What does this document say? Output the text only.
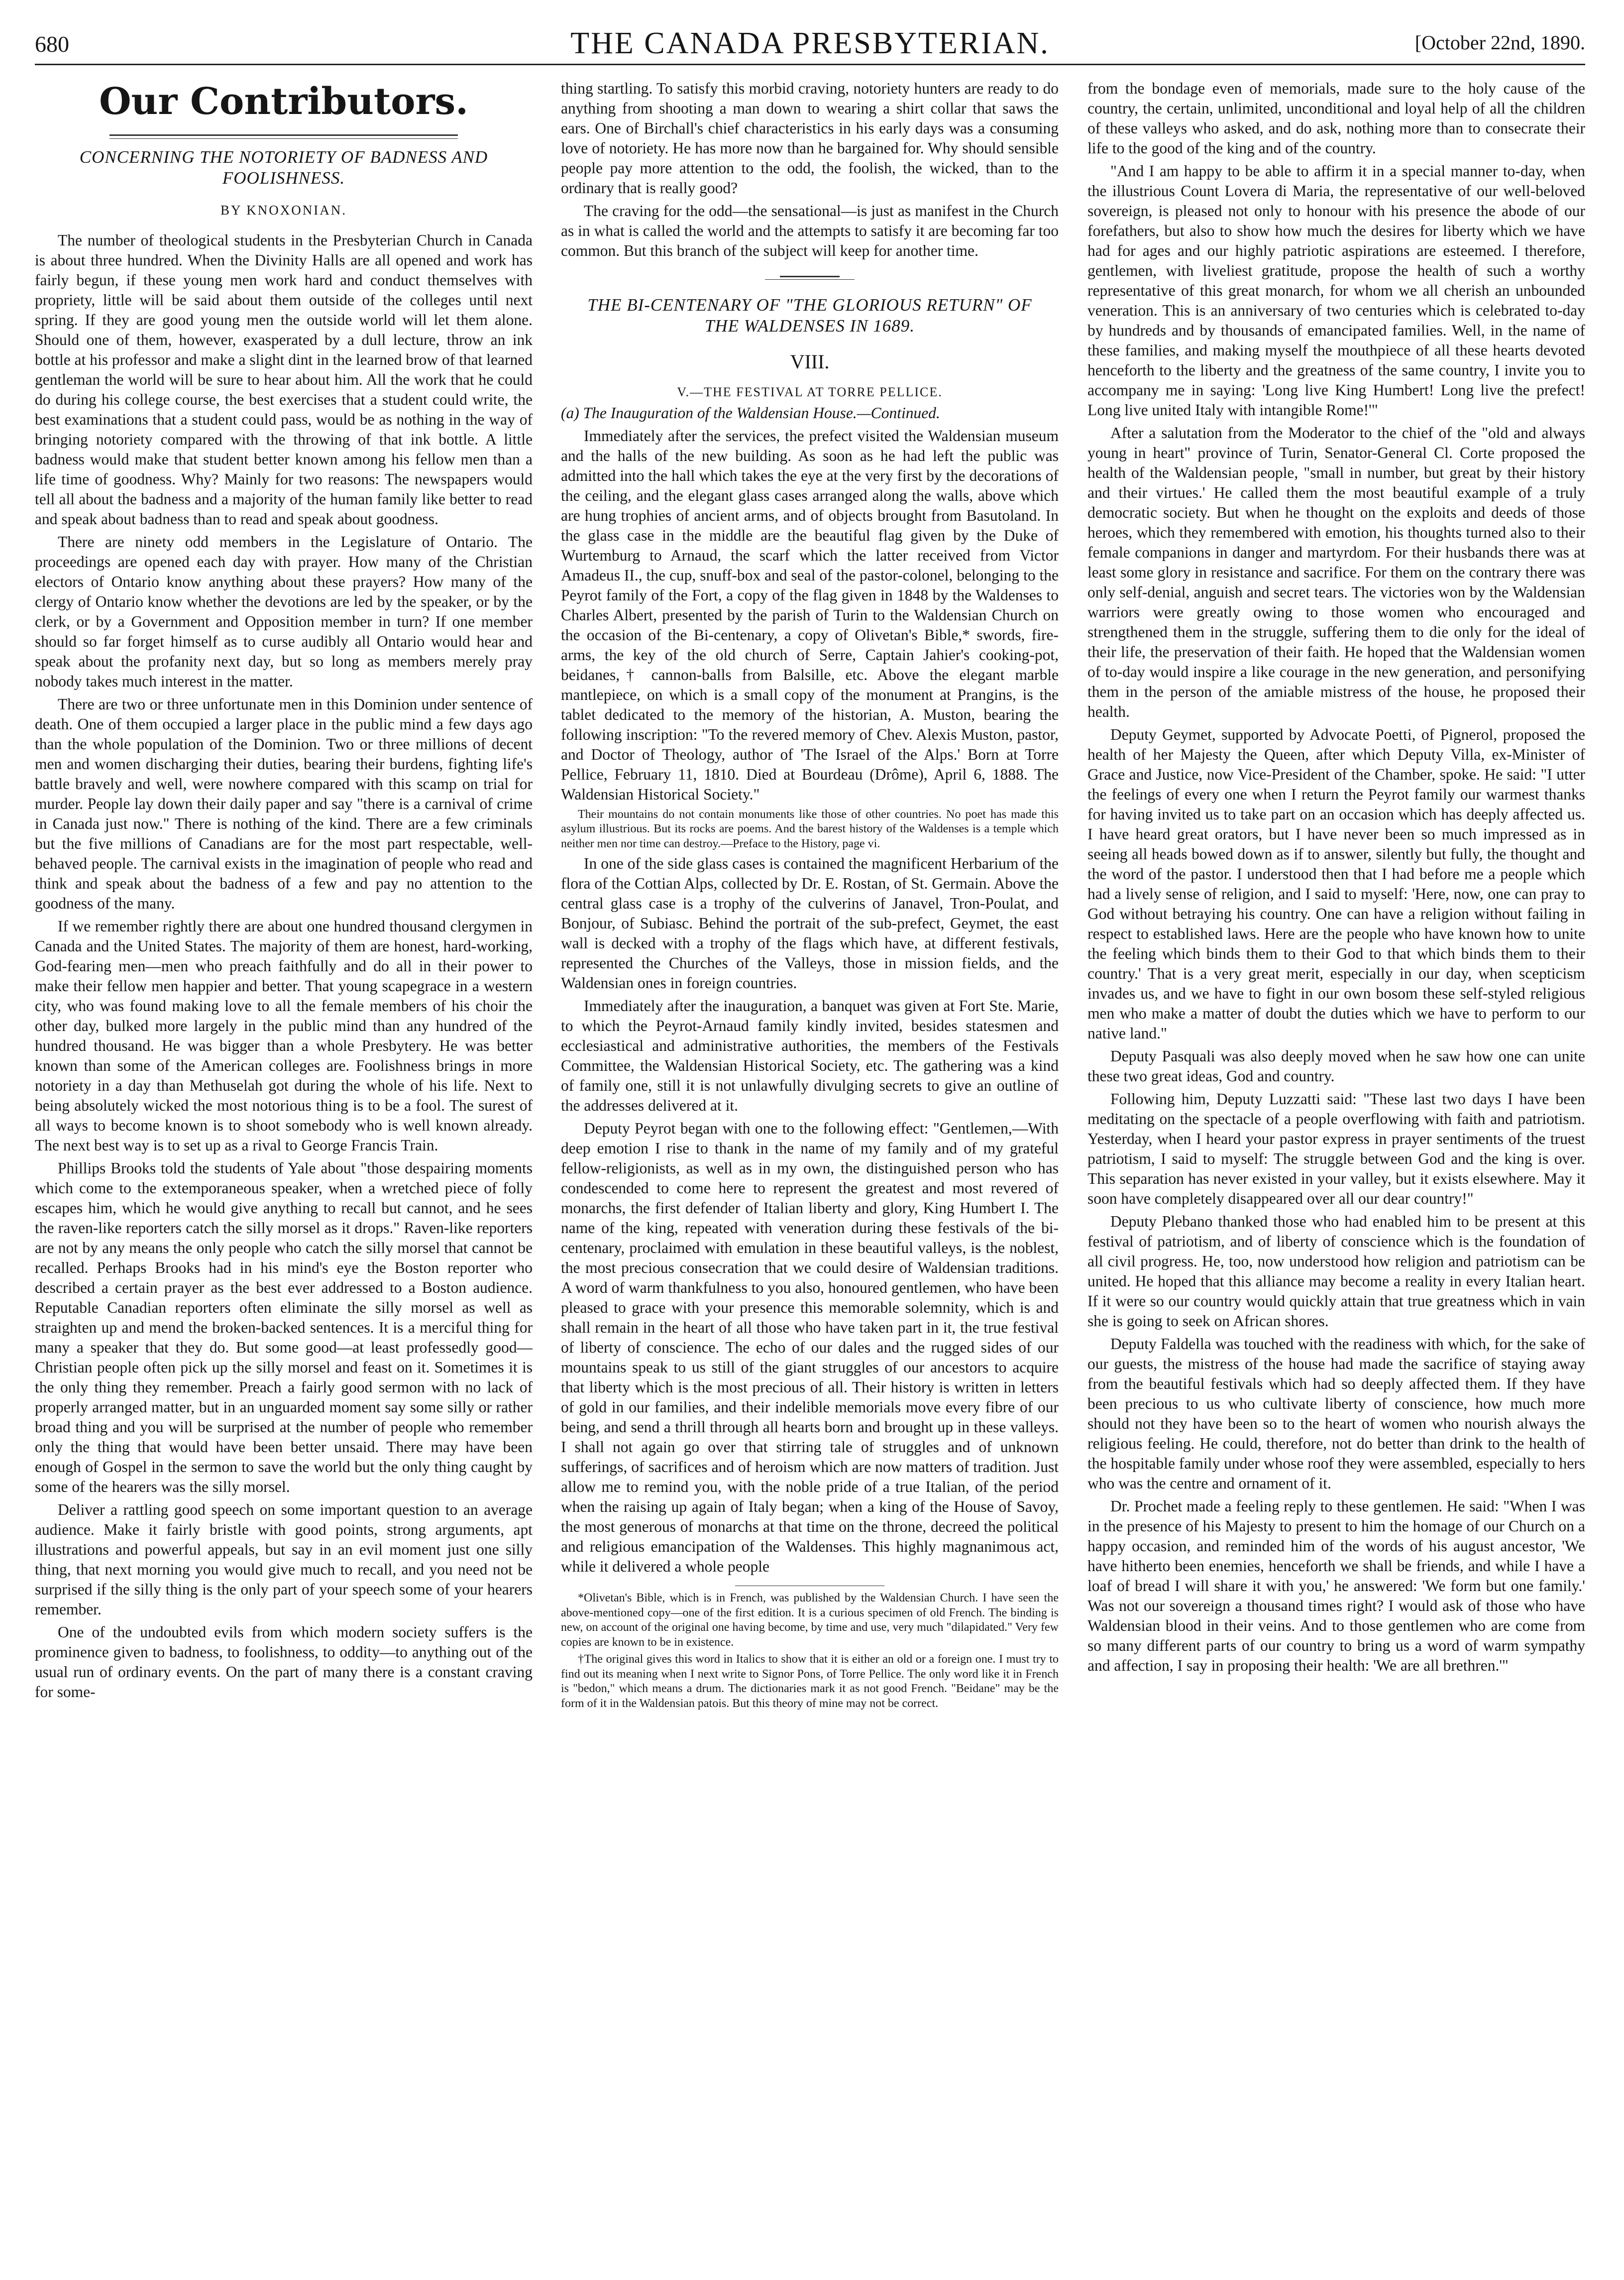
680	THE CANADA PRESBYTERIAN.	[October 22nd, 1890.
Our Contributors.
CONCERNING THE NOTORIETY OF BADNESS AND FOOLISHNESS.
BY KNOXONIAN.

The number of theological students in the Presbyterian Church in Canada is about three hundred. When the Divinity Halls are all opened and work has fairly begun, if these young men work hard and conduct themselves with propriety, little will be said about them outside of the colleges until next spring. If they are good young men the outside world will let them alone. Should one of them, however, exasperated by a dull lecture, throw an ink bottle at his professor and make a slight dint in the learned brow of that learned gentleman the world will be sure to hear about him. All the work that he could do during his college course, the best exercises that a student could write, the best examinations that a student could pass, would be as nothing in the way of bringing notoriety compared with the throwing of that ink bottle. A little badness would make that student better known among his fellow men than a life time of goodness. Why? Mainly for two reasons: The newspapers would tell all about the badness and a majority of the human family like better to read and speak about badness than to read and speak about goodness.

There are ninety odd members in the Legislature of Ontario. The proceedings are opened each day with prayer. How many of the Christian electors of Ontario know anything about these prayers? How many of the clergy of Ontario know whether the devotions are led by the speaker, or by the clerk, or by a Government and Opposition member in turn? If one member should so far forget himself as to curse audibly all Ontario would hear and speak about the profanity next day, but so long as members merely pray nobody takes much interest in the matter.

There are two or three unfortunate men in this Dominion under sentence of death. One of them occupied a larger place in the public mind a few days ago than the whole population of the Dominion. Two or three millions of decent men and women discharging their duties, bearing their burdens, fighting life's battle bravely and well, were nowhere compared with this scamp on trial for murder. People lay down their daily paper and say "there is a carnival of crime in Canada just now." There is nothing of the kind. There are a few criminals but the five millions of Canadians are for the most part respectable, well-behaved people. The carnival exists in the imagination of people who read and think and speak about the badness of a few and pay no attention to the goodness of the many.

If we remember rightly there are about one hundred thousand clergymen in Canada and the United States. The majority of them are honest, hard-working, God-fearing men—men who preach faithfully and do all in their power to make their fellow men happier and better. That young scapegrace in a western city, who was found making love to all the female members of his choir the other day, bulked more largely in the public mind than any hundred of the hundred thousand. He was bigger than a whole Presbytery. He was better known than some of the American colleges are. Foolishness brings in more notoriety in a day than Methuselah got during the whole of his life. Next to being absolutely wicked the most notorious thing is to be a fool. The surest of all ways to become known is to shoot somebody who is well known already. The next best way is to set up as a rival to George Francis Train.

Phillips Brooks told the students of Yale about "those despairing moments which come to the extemporaneous speaker, when a wretched piece of folly escapes him, which he would give anything to recall but cannot, and he sees the raven-like reporters catch the silly morsel as it drops." Raven-like reporters are not by any means the only people who catch the silly morsel that cannot be recalled. Perhaps Brooks had in his mind's eye the Boston reporter who described a certain prayer as the best ever addressed to a Boston audience. Reputable Canadian reporters often eliminate the silly morsel as well as straighten up and mend the broken-backed sentences. It is a merciful thing for many a speaker that they do. But some good—at least professedly good—Christian people often pick up the silly morsel and feast on it. Sometimes it is the only thing they remember. Preach a fairly good sermon with no lack of properly arranged matter, but in an unguarded moment say some silly or rather broad thing and you will be surprised at the number of people who remember only the thing that would have been better unsaid. There may have been enough of Gospel in the sermon to save the world but the only thing caught by some of the hearers was the silly morsel.

Deliver a rattling good speech on some important question to an average audience. Make it fairly bristle with good points, strong arguments, apt illustrations and powerful appeals, but say in an evil moment just one silly thing, that next morning you would give much to recall, and you need not be surprised if the silly thing is the only part of your speech some of your hearers remember.

One of the undoubted evils from which modern society suffers is the prominence given to badness, to foolishness, to oddity—to anything out of the usual run of ordinary events. On the part of many there is a constant craving for some-

thing startling. To satisfy this morbid craving, notoriety hunters are ready to do anything from shooting a man down to wearing a shirt collar that saws the ears. One of Birchall's chief characteristics in his early days was a consuming love of notoriety. He has more now than he bargained for. Why should sensible people pay more attention to the odd, the foolish, the wicked, than to the ordinary that is really good?

The craving for the odd—the sensational—is just as manifest in the Church as in what is called the world and the attempts to satisfy it are becoming far too common. But this branch of the subject will keep for another time.

THE BI-CENTENARY OF "THE GLORIOUS RETURN" OF THE WALDENSES IN 1689.
VIII.
V.—THE FESTIVAL AT TORRE PELLICE.

(a) The Inauguration of the Waldensian House.—Continued.

Immediately after the services, the prefect visited the Waldensian museum and the halls of the new building. As soon as he had left the public was admitted into the hall which takes the eye at the very first by the decorations of the ceiling, and the elegant glass cases arranged along the walls, above which are hung trophies of ancient arms, and of objects brought from Basutoland. In the glass case in the middle are the beautiful flag given by the Duke of Wurtemburg to Arnaud, the scarf which the latter received from Victor Amadeus II., the cup, snuff-box and seal of the pastor-colonel, belonging to the Peyrot family of the Fort, a copy of the flag given in 1848 by the Waldenses to Charles Albert, presented by the parish of Turin to the Waldensian Church on the occasion of the Bi-centenary, a copy of Olivetan's Bible,* swords, fire-arms, the key of the old church of Serre, Captain Jahier's cooking-pot, beidanes,† cannon-balls from Balsille, etc. Above the elegant marble mantlepiece, on which is a small copy of the monument at Prangins, is the tablet dedicated to the memory of the historian, A. Muston, bearing the following inscription: "To the revered memory of Chev. Alexis Muston, pastor, and Doctor of Theology, author of 'The Israel of the Alps.' Born at Torre Pellice, February 11, 1810. Died at Bourdeau (Drôme), April 6, 1888. The Waldensian Historical Society."

Their mountains do not contain monuments like those of other countries. No poet has made this asylum illustrious. But its rocks are poems. And the barest history of the Waldenses is a temple which neither men nor time can destroy.—Preface to the History, page vi.

In one of the side glass cases is contained the magnificent Herbarium of the flora of the Cottian Alps, collected by Dr. E. Rostan, of St. Germain. Above the central glass case is a trophy of the culverins of Janavel, Tron-Poulat, and Bonjour, of Subiasc. Behind the portrait of the sub-prefect, Geymet, the east wall is decked with a trophy of the flags which have, at different festivals, represented the Churches of the Valleys, those in mission fields, and the Waldensian ones in foreign countries.

Immediately after the inauguration, a banquet was given at Fort Ste. Marie, to which the Peyrot-Arnaud family kindly invited, besides statesmen and ecclesiastical and administrative authorities, the members of the Festivals Committee, the Waldensian Historical Society, etc. The gathering was a kind of family one, still it is not unlawfully divulging secrets to give an outline of the addresses delivered at it.

Deputy Peyrot began with one to the following effect: "Gentlemen,—With deep emotion I rise to thank in the name of my family and of my grateful fellow-religionists, as well as in my own, the distinguished person who has condescended to come here to represent the greatest and most revered of monarchs, the first defender of Italian liberty and glory, King Humbert I. The name of the king, repeated with veneration during these festivals of the bi-centenary, proclaimed with emulation in these beautiful valleys, is the noblest, the most precious consecration that we could desire of Waldensian traditions. A word of warm thankfulness to you also, honoured gentlemen, who have been pleased to grace with your presence this memorable solemnity, which is and shall remain in the heart of all those who have taken part in it, the true festival of liberty of conscience. The echo of our dales and the rugged sides of our mountains speak to us still of the giant struggles of our ancestors to acquire that liberty which is the most precious of all. Their history is written in letters of gold in our families, and their indelible memorials move every fibre of our being, and send a thrill through all hearts born and brought up in these valleys. I shall not again go over that stirring tale of struggles and of unknown sufferings, of sacrifices and of heroism which are now matters of tradition. Just allow me to remind you, with the noble pride of a true Italian, of the period when the raising up again of Italy began; when a king of the House of Savoy, the most generous of monarchs at that time on the throne, decreed the political and religious emancipation of the Waldenses. This highly magnanimous act, while it delivered a whole people

*Olivetan's Bible, which is in French, was published by the Waldensian Church. I have seen the above-mentioned copy—one of the first edition. It is a curious specimen of old French. The binding is new, on account of the original one having become, by time and use, very much "dilapidated." Very few copies are known to be in existence.

†The original gives this word in Italics to show that it is either an old or a foreign one. I must try to find out its meaning when I next write to Signor Pons, of Torre Pellice. The only word like it in French is "bedon," which means a drum. The dictionaries mark it as not good French. "Beidane" may be the form of it in the Waldensian patois. But this theory of mine may not be correct.

from the bondage even of memorials, made sure to the holy cause of the country, the certain, unlimited, unconditional and loyal help of all the children of these valleys who asked, and do ask, nothing more than to consecrate their life to the good of the king and of the country.

"And I am happy to be able to affirm it in a special manner to-day, when the illustrious Count Lovera di Maria, the representative of our well-beloved sovereign, is pleased not only to honour with his presence the abode of our forefathers, but also to show how much the desires for liberty which we have had for ages and our highly patriotic aspirations are esteemed. I therefore, gentlemen, with liveliest gratitude, propose the health of such a worthy representative of this great monarch, for whom we all cherish an unbounded veneration. This is an anniversary of two centuries which is celebrated to-day by hundreds and by thousands of emancipated families. Well, in the name of these families, and making myself the mouthpiece of all these hearts devoted henceforth to the liberty and the greatness of the same country, I invite you to accompany me in saying: 'Long live King Humbert! Long live the prefect! Long live united Italy with intangible Rome!'"

After a salutation from the Moderator to the chief of the "old and always young in heart" province of Turin, Senator-General Cl. Corte proposed the health of the Waldensian people, "small in number, but great by their history and their virtues.' He called them the most beautiful example of a truly democratic society. But when he thought on the exploits and deeds of those heroes, which they remembered with emotion, his thoughts turned also to their female companions in danger and martyrdom. For their husbands there was at least some glory in resistance and sacrifice. For them on the contrary there was only self-denial, anguish and secret tears. The victories won by the Waldensian warriors were greatly owing to those women who encouraged and strengthened them in the struggle, suffering them to die only for the ideal of their life, the preservation of their faith. He hoped that the Waldensian women of to-day would inspire a like courage in the new generation, and personifying them in the person of the amiable mistress of the house, he proposed their health.

Deputy Geymet, supported by Advocate Poetti, of Pignerol, proposed the health of her Majesty the Queen, after which Deputy Villa, ex-Minister of Grace and Justice, now Vice-President of the Chamber, spoke. He said: "I utter the feelings of every one when I return the Peyrot family our warmest thanks for having invited us to take part on an occasion which has deeply affected us. I have heard great orators, but I have never been so much impressed as in seeing all heads bowed down as if to answer, silently but fully, the thought and the word of the pastor. I understood then that I had before me a people which had a lively sense of religion, and I said to myself: 'Here, now, one can pray to God without betraying his country. One can have a religion without failing in respect to established laws. Here are the people who have known how to unite the feeling which binds them to their God to that which binds them to their country.' That is a very great merit, especially in our day, when scepticism invades us, and we have to fight in our own bosom these self-styled religious men who make a matter of doubt the duties which we have to perform to our native land."

Deputy Pasquali was also deeply moved when he saw how one can unite these two great ideas, God and country.

Following him, Deputy Luzzatti said: "These last two days I have been meditating on the spectacle of a people overflowing with faith and patriotism. Yesterday, when I heard your pastor express in prayer sentiments of the truest patriotism, I said to myself: The struggle between God and the king is over. This separation has never existed in your valley, but it exists elsewhere. May it soon have completely disappeared over all our dear country!"

Deputy Plebano thanked those who had enabled him to be present at this festival of patriotism, and of liberty of conscience which is the foundation of all civil progress. He, too, now understood how religion and patriotism can be united. He hoped that this alliance may become a reality in every Italian heart. If it were so our country would quickly attain that true greatness which in vain she is going to seek on African shores.

Deputy Faldella was touched with the readiness with which, for the sake of our guests, the mistress of the house had made the sacrifice of staying away from the beautiful festivals which had so deeply affected them. If they have been precious to us who cultivate liberty of conscience, how much more should not they have been so to the heart of women who nourish always the religious feeling. He could, therefore, not do better than drink to the health of the hospitable family under whose roof they were assembled, especially to hers who was the centre and ornament of it.

Dr. Prochet made a feeling reply to these gentlemen. He said: "When I was in the presence of his Majesty to present to him the homage of our Church on a happy occasion, and reminded him of the words of his august ancestor, 'We have hitherto been enemies, henceforth we shall be friends, and while I have a loaf of bread I will share it with you,' he answered: 'We form but one family.' Was not our sovereign a thousand times right? I would ask of those who have Waldensian blood in their veins. And to those gentlemen who are come from so many different parts of our country to bring us a word of warm sympathy and affection, I say in proposing their health: 'We are all brethren.'"
